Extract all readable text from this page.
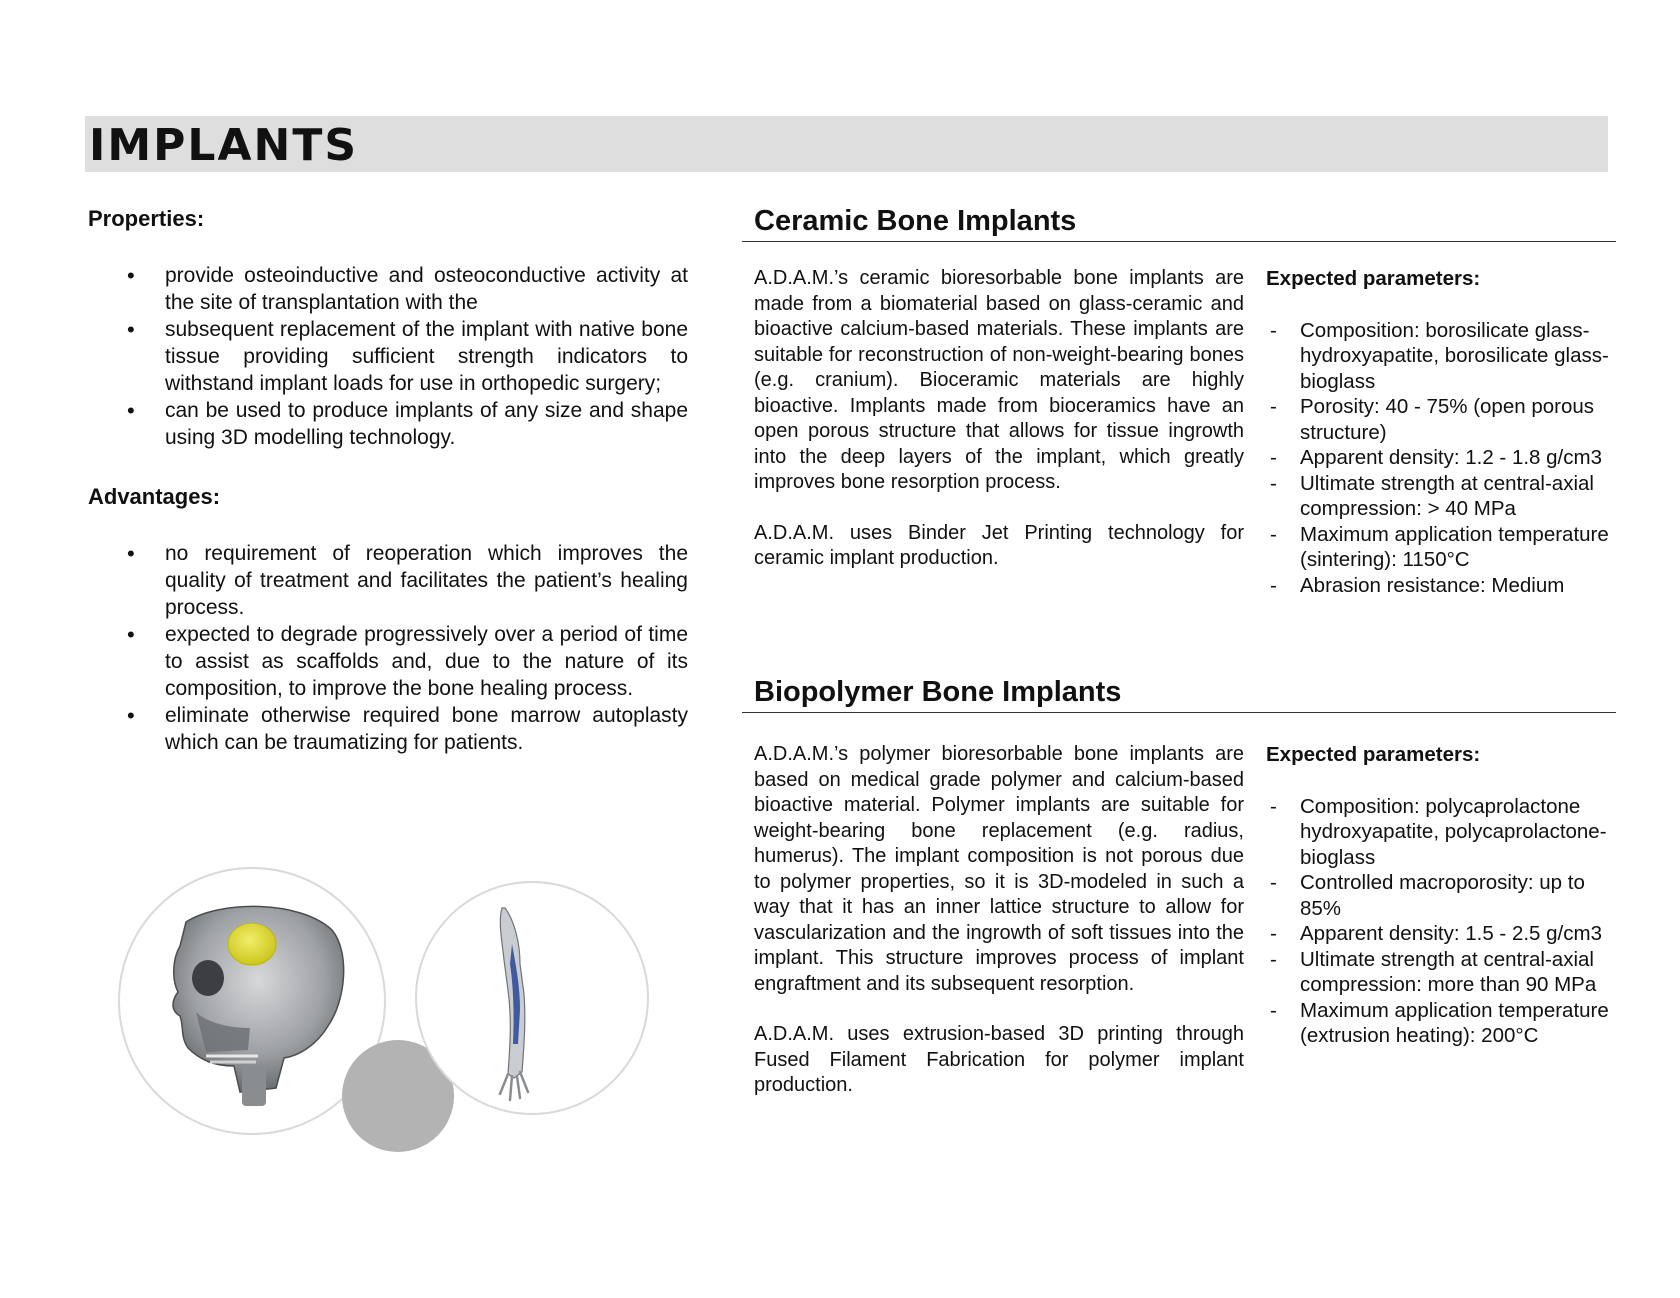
IMPLANTS

Properties:

• provide osteoinductive and osteoconductive activity at the site of transplantation with the
• subsequent replacement of the implant with native bone tissue providing sufficient strength indicators to withstand implant loads for use in orthopedic surgery;
• can be used to produce implants of any size and shape using 3D modelling technology.

Advantages:

• no requirement of reoperation which improves the quality of treatment and facilitates the patient’s healing process.
• expected to degrade progressively over a period of time to assist as scaffolds and, due to the nature of its composition, to improve the bone healing process.
• eliminate otherwise required bone marrow autoplasty which can be traumatizing for patients.
Ceramic Bone Implants

A.D.A.M.’s ceramic bioresorbable bone implants are made from a biomaterial based on glass-ceramic and bioactive calcium-based materials. These implants are suitable for reconstruction of non-weight-bearing bones (e.g. cranium). Bioceramic materials are highly bioactive. Implants made from bioceramics have an open porous structure that allows for tissue ingrowth into the deep layers of the implant, which greatly improves bone resorption process.

A.D.A.M. uses Binder Jet Printing technology for ceramic implant production.

Expected parameters:

- Composition: borosilicate glass-hydroxyapatite, borosilicate glass-bioglass
- Porosity: 40 - 75% (open porous structure)
- Apparent density: 1.2 - 1.8 g/cm3
- Ultimate strength at central-axial compression: > 40 MPa
- Maximum application temperature (sintering): 1150°C
- Abrasion resistance: Medium
Biopolymer Bone Implants

A.D.A.M.’s polymer bioresorbable bone implants are based on medical grade polymer and calcium-based bioactive material. Polymer implants are suitable for weight-bearing bone replacement (e.g. radius, humerus). The implant composition is not porous due to polymer properties, so it is 3D-modeled in such a way that it has an inner lattice structure to allow for vascularization and the ingrowth of soft tissues into the implant. This structure improves process of implant engraftment and its subsequent resorption.

A.D.A.M. uses extrusion-based 3D printing through Fused Filament Fabrication for polymer implant production.

Expected parameters:

- Composition: polycaprolactone hydroxyapatite, polycaprolactone-bioglass
- Controlled macroporosity: up to 85%
- Apparent density: 1.5 - 2.5 g/cm3
- Ultimate strength at central-axial compression: more than 90 MPa
- Maximum application temperature (extrusion heating): 200°C
